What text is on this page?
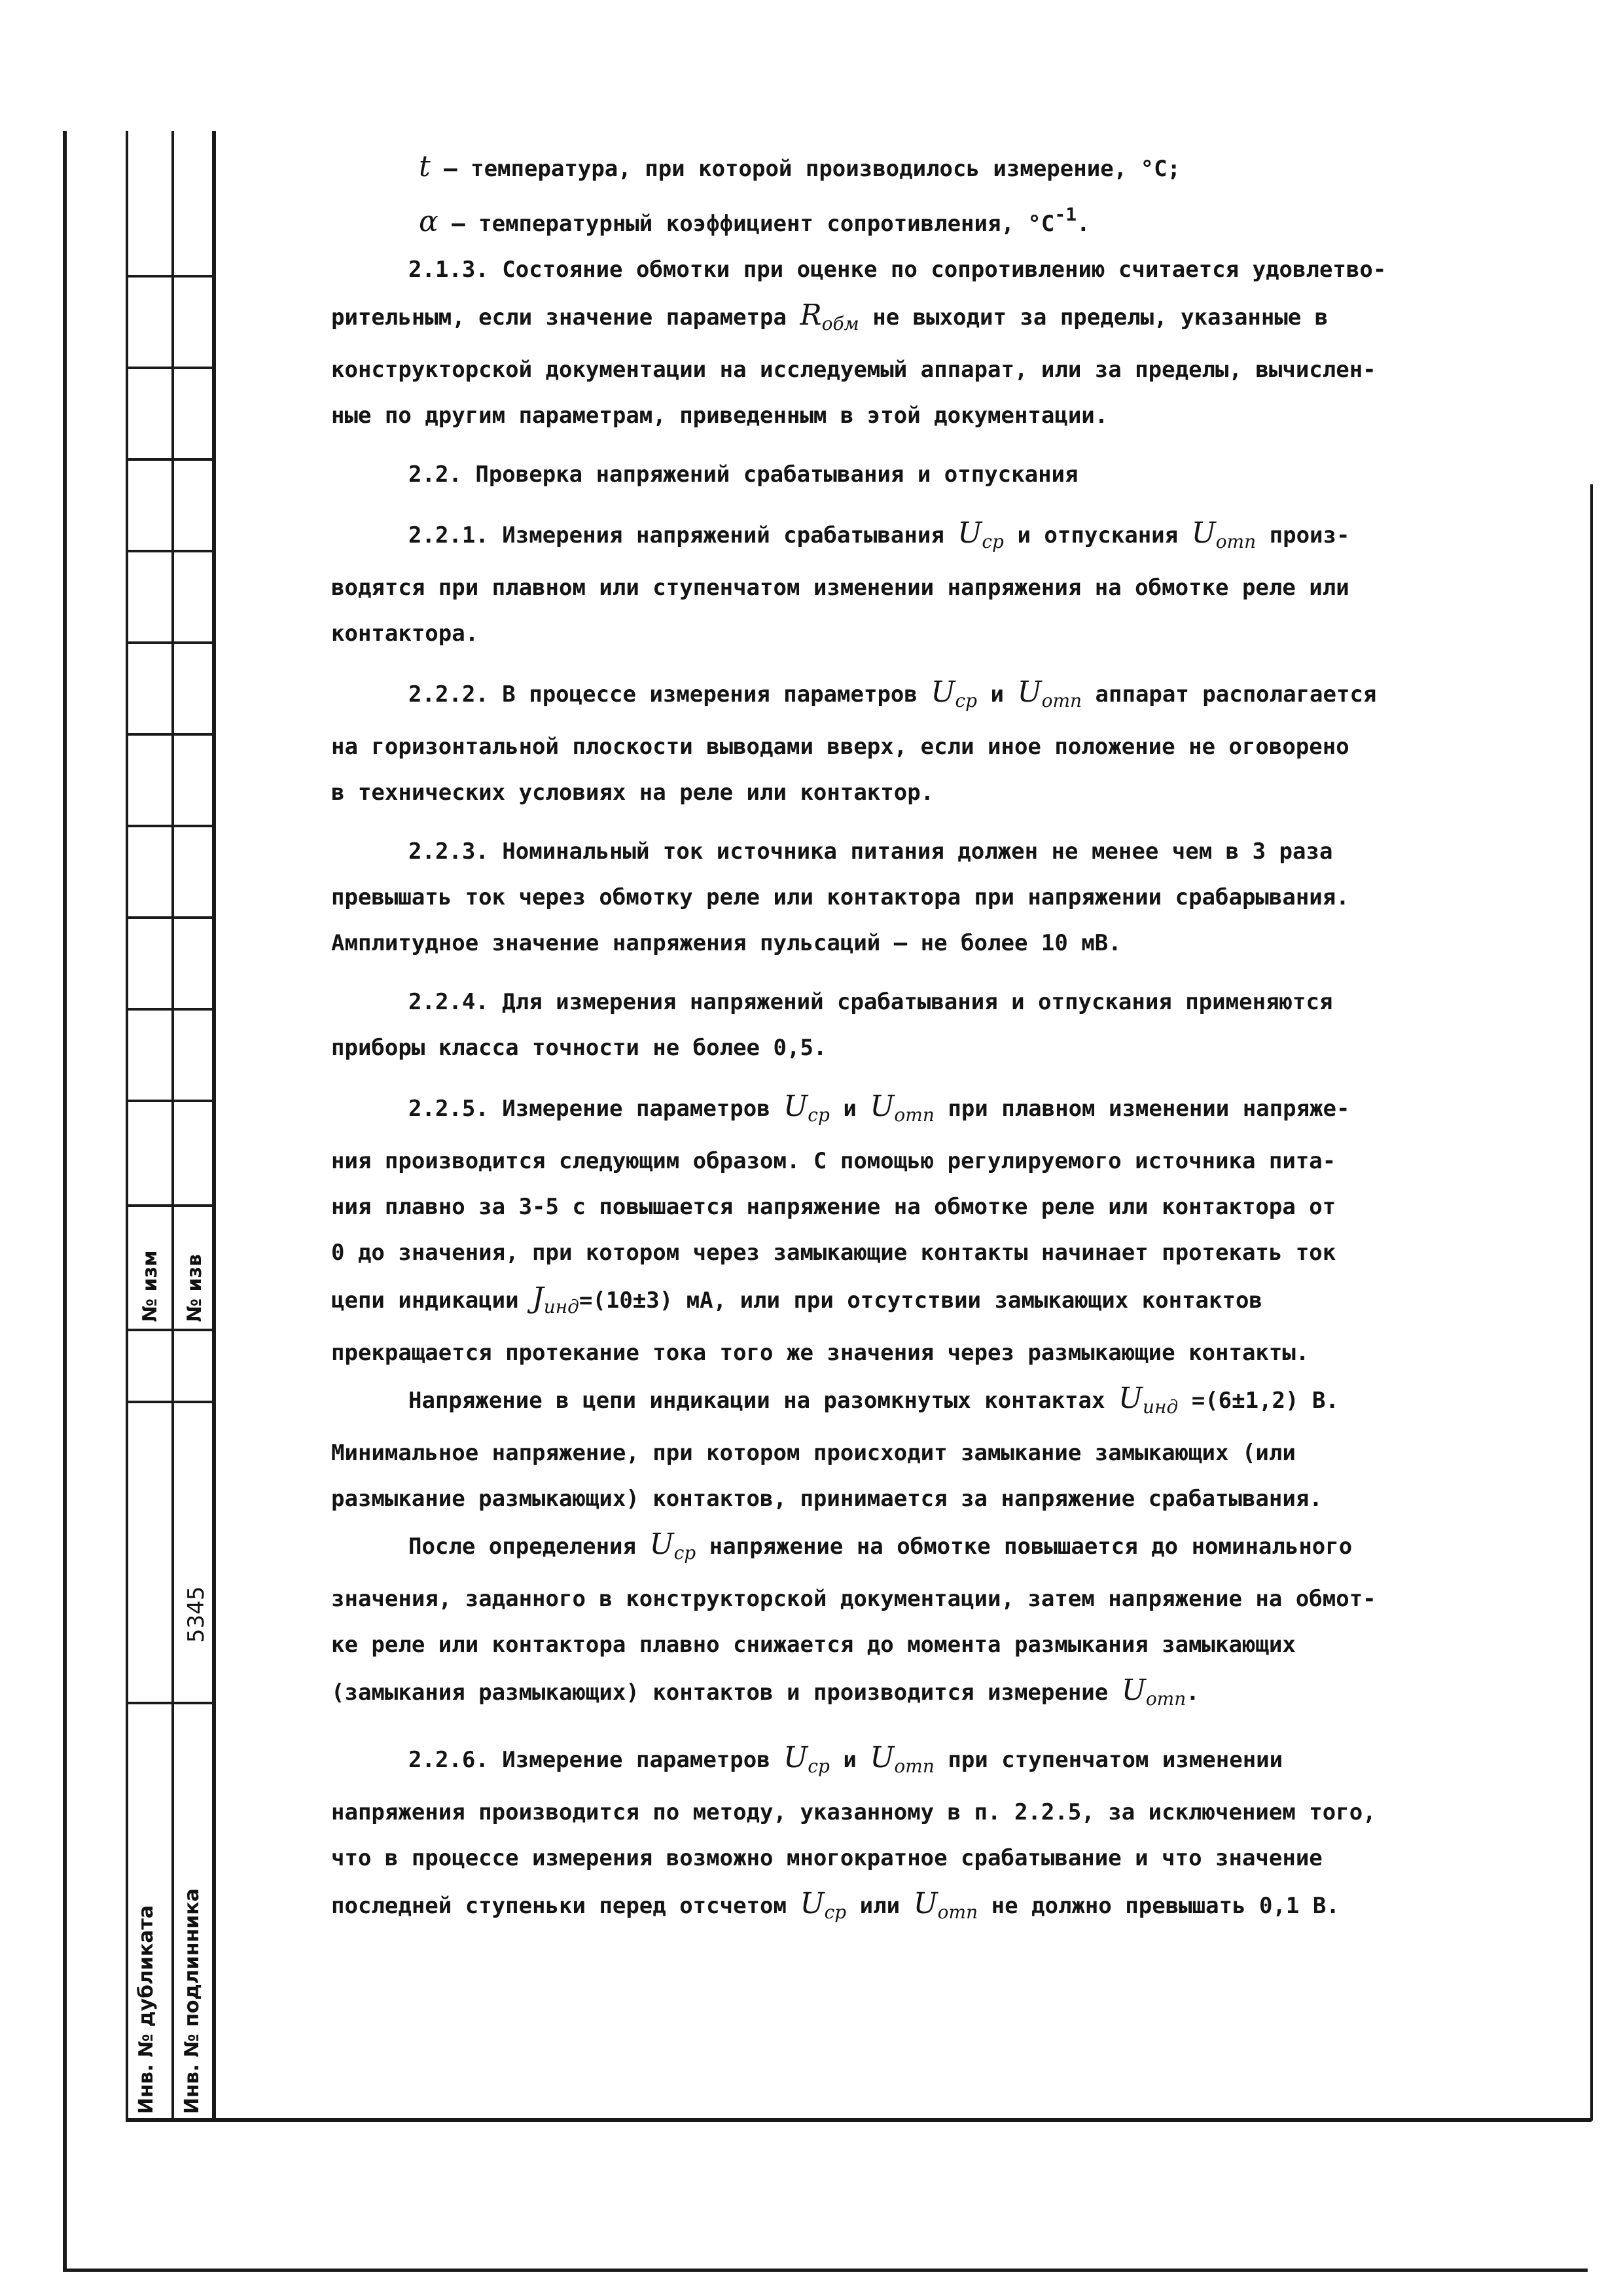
№ изм № изв
5345
Инв. № дубликата Инв. № подлинника

t – температура, при которой производилось измерение, °C;

α – температурный коэффициент сопротивления, $^\circ C^{-1}$.

2.1.3. Состояние обмотки при оценке по сопротивлению считается удовлетво-

рительным, если значение параметра $R_{обм}$ не выходит за пределы, указанные в

конструкторской документации на исследуемый аппарат, или за пределы, вычислен-

ные по другим параметрам, приведенным в этой документации.

2.2. Проверка напряжений срабатывания и отпускания

2.2.1. Измерения напряжений срабатывания $U_{ср}$ и отпускания $U_{отп}$ произ-

водятся при плавном или ступенчатом изменении напряжения на обмотке реле или

контактора.

2.2.2. В процессе измерения параметров $U_{ср}$ и $U_{отп}$ аппарат располагается

на горизонтальной плоскости выводами вверх, если иное положение не оговорено

в технических условиях на реле или контактор.

2.2.3. Номинальный ток источника питания должен не менее чем в 3 раза

превышать ток через обмотку реле или контактора при напряжении срабарывания.

Амплитудное значение напряжения пульсаций – не более 10 мВ.

2.2.4. Для измерения напряжений срабатывания и отпускания применяются

приборы класса точности не более 0,5.

2.2.5. Измерение параметров $U_{ср}$ и $U_{отп}$ при плавном изменении напряже-

ния производится следующим образом. С помощью регулируемого источника пита-

ния плавно за 3-5 с повышается напряжение на обмотке реле или контактора от

0 до значения, при котором через замыкающие контакты начинает протекать ток

цепи индикации $J_{инд}=(10\pm 3)$ мА, или при отсутствии замыкающих контактов

прекращается протекание тока того же значения через размыкающие контакты.

Напряжение в цепи индикации на разомкнутых контактах $U_{инд} =(6\pm 1,2)$ В.

Минимальное напряжение, при котором происходит замыкание замыкающих (или

размыкание размыкающих) контактов, принимается за напряжение срабатывания.

После определения $U_{ср}$ напряжение на обмотке повышается до номинального

значения, заданного в конструкторской документации, затем напряжение на обмот-

ке реле или контактора плавно снижается до момента размыкания замыкающих

(замыкания размыкающих) контактов и производится измерение $U_{отп}$.

2.2.6. Измерение параметров $U_{ср}$ и $U_{отп}$ при ступенчатом изменении

напряжения производится по методу, указанному в п. 2.2.5, за исключением того,

что в процессе измерения возможно многократное срабатывание и что значение

последней ступеньки перед отсчетом $U_{ср}$ или $U_{отп}$ не должно превышать 0,1 В.
